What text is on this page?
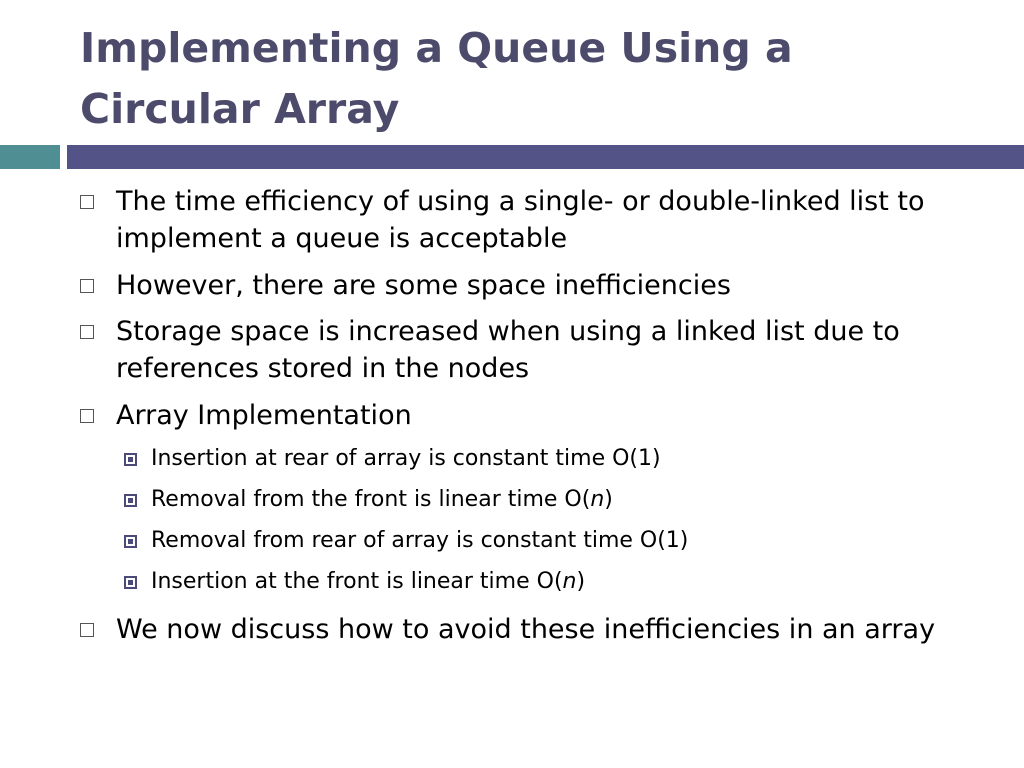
Implementing a Queue Using a Circular Array
The time efficiency of using a single- or double-linked list to implement a queue is acceptable
However, there are some space inefficiencies
Storage space is increased when using a linked list due to references stored in the nodes
Array Implementation
Insertion at rear of array is constant time O(1)
Removal from the front is linear time O(n)
Removal from rear of array is constant time O(1)
Insertion at the front is linear time O(n)
We now discuss how to avoid these inefficiencies in an array
